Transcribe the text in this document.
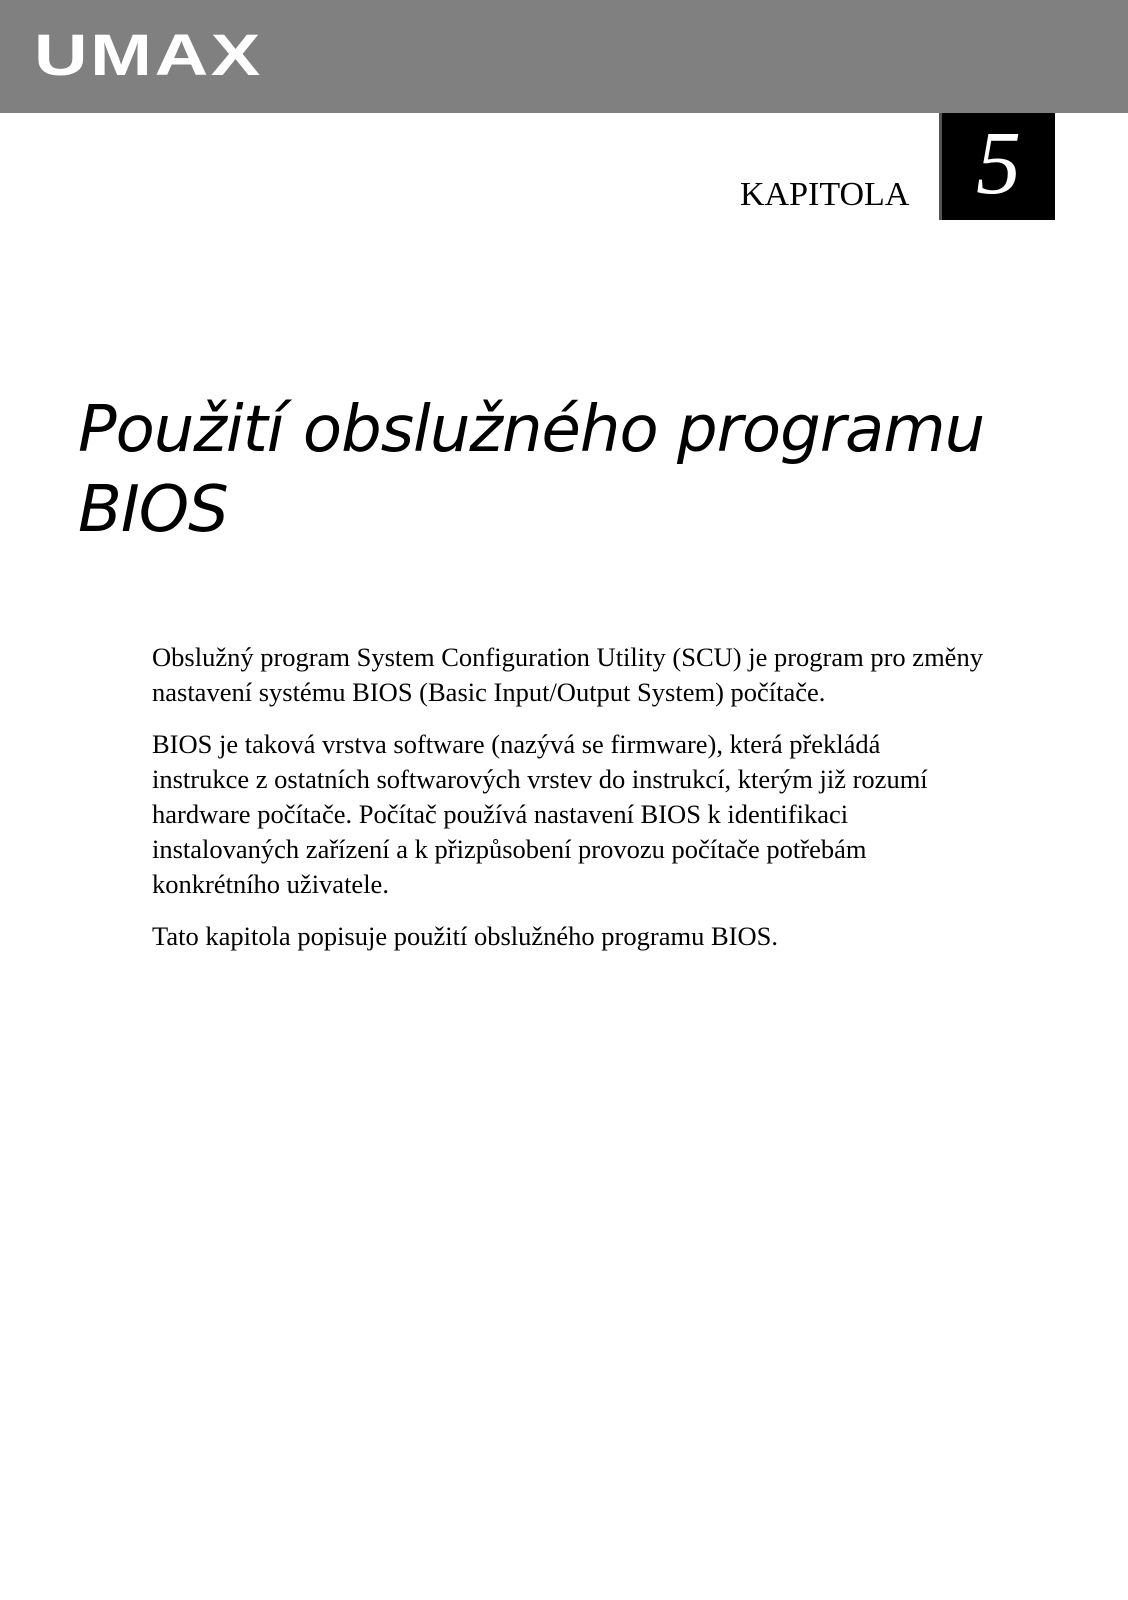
UMAX
KAPITOLA 5
Použití obslužného programu
BIOS

Obslužný program System Configuration Utility (SCU) je program pro změny
nastavení systému BIOS (Basic Input/Output System) počítače.

BIOS je taková vrstva software (nazývá se firmware), která překládá
instrukce z ostatních softwarových vrstev do instrukcí, kterým již rozumí
hardware počítače. Počítač používá nastavení BIOS k identifikaci
instalovaných zařízení a k přizpůsobení provozu počítače potřebám
konkrétního uživatele.

Tato kapitola popisuje použití obslužného programu BIOS.
